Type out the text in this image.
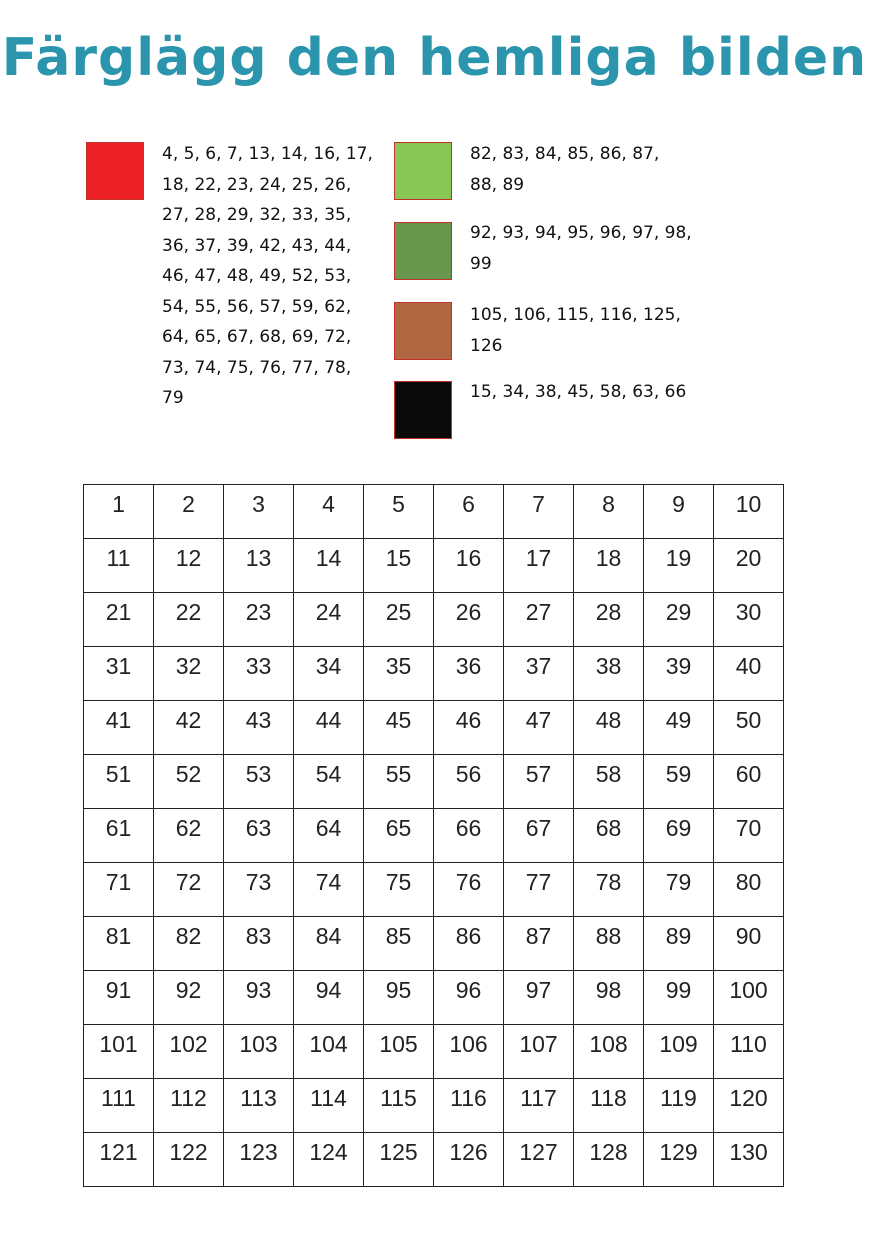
Färglägg den hemliga bilden
4, 5, 6, 7, 13, 14, 16, 17,
18, 22, 23, 24, 25, 26,
27, 28, 29, 32, 33, 35,
36, 37, 39, 42, 43, 44,
46, 47, 48, 49, 52, 53,
54, 55, 56, 57, 59, 62,
64, 65, 67, 68, 69, 72,
73, 74, 75, 76, 77, 78,
79
82, 83, 84, 85, 86, 87,
88, 89
92, 93, 94, 95, 96, 97, 98,
99
105, 106, 115, 116, 125,
126
15, 34, 38, 45, 58, 63, 66
1	2	3	4	5	6	7	8	9	10
11	12	13	14	15	16	17	18	19	20
21	22	23	24	25	26	27	28	29	30
31	32	33	34	35	36	37	38	39	40
41	42	43	44	45	46	47	48	49	50
51	52	53	54	55	56	57	58	59	60
61	62	63	64	65	66	67	68	69	70
71	72	73	74	75	76	77	78	79	80
81	82	83	84	85	86	87	88	89	90
91	92	93	94	95	96	97	98	99	100
101	102	103	104	105	106	107	108	109	110
111	112	113	114	115	116	117	118	119	120
121	122	123	124	125	126	127	128	129	130
